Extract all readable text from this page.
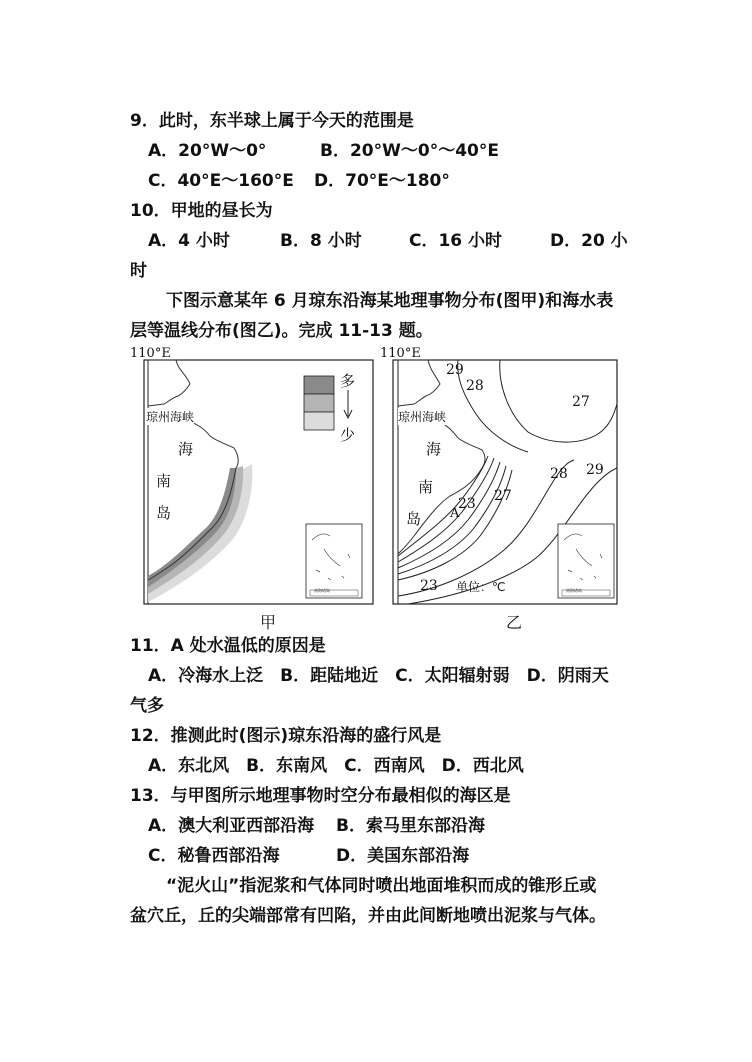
9．此时，东半球上属于今天的范围是
A．20°W～0°	B．20°W～0°～40°E
C．40°E～160°E D．70°E～180°
10．甲地的昼长为
A．4 小时	B．8 小时	C．16 小时	D．20 小
时
下图示意某年 6 月琼东沿海某地理事物分布(图甲)和海水表
层等温线分布(图乙)。完成 11-13 题。
110°E
琼州海峡
海
南
岛
多
少
南海诸岛
甲
110°E
琼州海峡
海
南
岛
29
28
27
27
28 29
23
23
A
单位：℃	南海诸岛
乙
11．A 处水温低的原因是
A．冷海水上泛　B．距陆地近　C．太阳辐射弱　D．阴雨天
气多
12．推测此时(图示)琼东沿海的盛行风是
A．东北风　B．东南风　C．西南风　D．西北风
13．与甲图所示地理事物时空分布最相似的海区是
A．澳大利亚西部沿海 B．索马里东部沿海
C．秘鲁西部沿海	D．美国东部沿海
“泥火山”指泥浆和气体同时喷出地面堆积而成的锥形丘或
盆穴丘，丘的尖端部常有凹陷，并由此间断地喷出泥浆与气体。
